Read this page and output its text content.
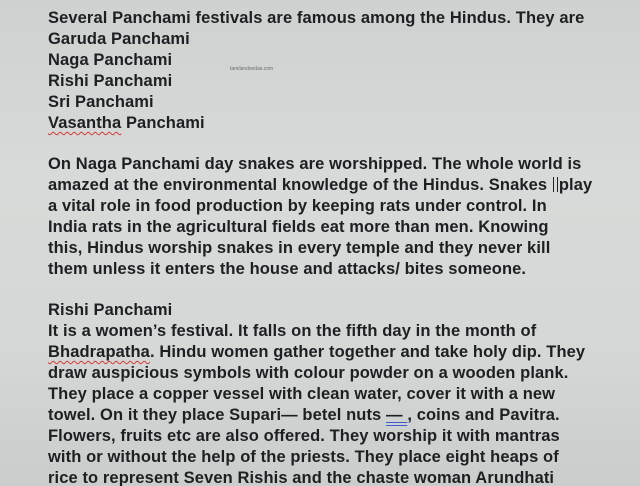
tamilandvedas.com
Several Panchami festivals are famous among the Hindus. They are
Garuda Panchami
Naga Panchami
Rishi Panchami
Sri Panchami
Vasantha Panchami
On Naga Panchami day snakes are worshipped. The whole world is
amazed at the environmental knowledge of the Hindus. Snakes play
a vital role in food production by keeping rats under control. In
India rats in the agricultural fields eat more than men. Knowing
this, Hindus worship snakes in every temple and they never kill
them unless it enters the house and attacks/ bites someone.
Rishi Panchami
It is a women’s festival. It falls on the fifth day in the month of
Bhadrapatha. Hindu women gather together and take holy dip. They
draw auspicious symbols with colour powder on a wooden plank.
They place a copper vessel with clean water, cover it with a new
towel. On it they place Supari— betel nuts — , coins and Pavitra.
Flowers, fruits etc are also offered. They worship it with mantras
with or without the help of the priests. They place eight heaps of
rice to represent Seven Rishis and the chaste woman Arundhati
